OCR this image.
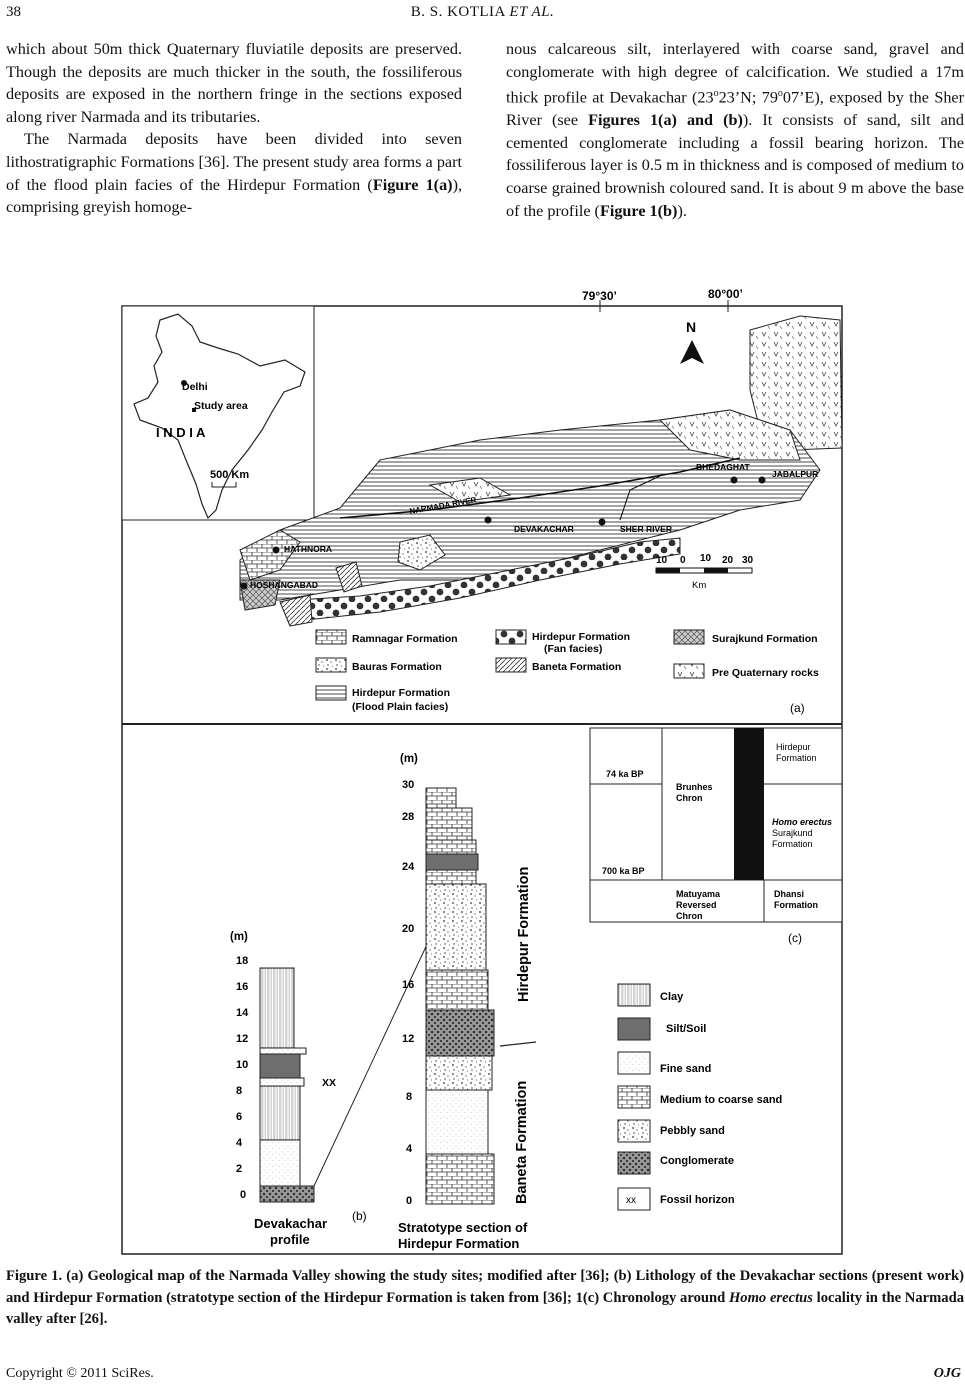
38	B. S. KOTLIA ET AL.

which about 50m thick Quaternary fluviatile deposits are preserved. Though the deposits are much thicker in the south, the fossiliferous deposits are exposed in the northern fringe in the sections exposed along river Narmada and its tributaries.

The Narmada deposits have been divided into seven lithostratigraphic Formations [36]. The present study area forms a part of the flood plain facies of the Hirdepur Formation (Figure 1(a)), comprising greyish homoge-

nous calcareous silt, interlayered with coarse sand, gravel and conglomerate with high degree of calcification. We studied a 17m thick profile at Devakachar (23$^o$23’N; 79$^o$07’E), exposed by the Sher River (see Figures 1(a) and (b)). It consists of sand, silt and cemented conglomerate including a fossil bearing horizon. The fossiliferous layer is 0.5 m in thickness and is composed of medium to coarse grained brownish coloured sand. It is about 9 m above the base of the profile (Figure 1(b)).

79°30’	80°00’
Delhi
Study area
I N D I A
500 Km
N
BHEDAGHAT
JABALPUR
NARMADA RIVER
DEVAKACHAR	SHER RIVER
HATHNORA
HOSHANGABAD
10 0 10 20 30
Km
Ramnagar Formation
Bauras Formation
Hirdepur Formation
(Flood Plain facies)
Hirdepur Formation
(Fan facies)
Baneta Formation
Surajkund Formation
Pre Quaternary rocks
(a)
74 ka BP
700 ka BP
Brunhes
Chron
Matuyama
Reversed
Chron
Hirdepur
Formation
Homo erectus
Surajkund
Formation
Dhansi
Formation
(c)
(m)
18
16
14
12
10
8
6
4
2
0
XX
Devakachar
profile
(b)
(m)
30
28
24
20
16
12
8
4
0
Hirdepur Formation
Baneta Formation
Stratotype section of
Hirdepur Formation
Clay
Silt/Soil
Fine sand
Medium to coarse sand
Pebbly sand
Conglomerate
xx Fossil horizon
Figure 1. (a) Geological map of the Narmada Valley showing the study sites; modified after [36]; (b) Lithology of the Devakachar sections (present work) and Hirdepur Formation (stratotype section of the Hirdepur Formation is taken from [36]; 1(c) Chronology around Homo erectus locality in the Narmada valley after [26].
Copyright © 2011 SciRes.	OJG
